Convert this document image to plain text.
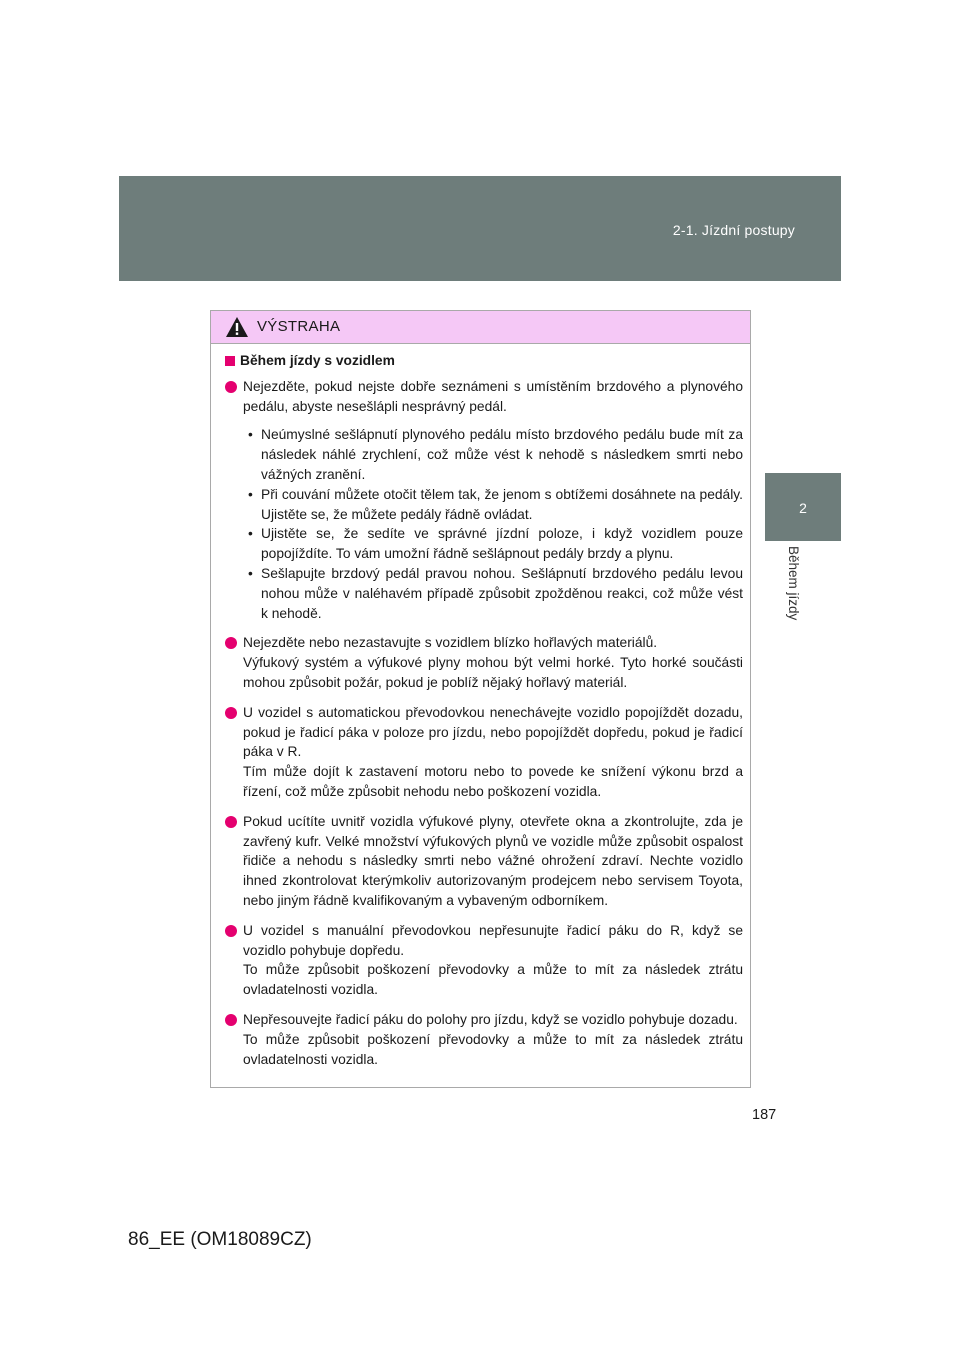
2-1. Jízdní postupy
2
Během jízdy
VÝSTRAHA
Během jízdy s vozidlem

Nejezděte, pokud nejste dobře seznámeni s umístěním brzdového a plynového pedálu, abyste nesešlápli nesprávný pedál.

• Neúmyslné sešlápnutí plynového pedálu místo brzdového pedálu bude mít za následek náhlé zrychlení, což může vést k nehodě s následkem smrti nebo vážných zranění.

• Při couvání můžete otočit tělem tak, že jenom s obtížemi dosáhnete na pedály. Ujistěte se, že můžete pedály řádně ovládat.

• Ujistěte se, že sedíte ve správné jízdní poloze, i když vozidlem pouze popojíždíte. To vám umožní řádně sešlápnout pedály brzdy a plynu.

• Sešlapujte brzdový pedál pravou nohou. Sešlápnutí brzdového pedálu levou nohou může v naléhavém případě způsobit zpožděnou reakci, což může vést k nehodě.

Nejezděte nebo nezastavujte s vozidlem blízko hořlavých materiálů.

Výfukový systém a výfukové plyny mohou být velmi horké. Tyto horké součásti mohou způsobit požár, pokud je poblíž nějaký hořlavý materiál.

U vozidel s automatickou převodovkou nenechávejte vozidlo popojíždět dozadu, pokud je řadicí páka v poloze pro jízdu, nebo popojíždět dopředu, pokud je řadicí páka v R.

Tím může dojít k zastavení motoru nebo to povede ke snížení výkonu brzd a řízení, což může způsobit nehodu nebo poškození vozidla.

Pokud ucítíte uvnitř vozidla výfukové plyny, otevřete okna a zkontrolujte, zda je zavřený kufr. Velké množství výfukových plynů ve vozidle může způsobit ospalost řidiče a nehodu s následky smrti nebo vážné ohrožení zdraví. Nechte vozidlo ihned zkontrolovat kterýmkoliv autorizovaným prodejcem nebo servisem Toyota, nebo jiným řádně kvalifikovaným a vybaveným odborníkem.

U vozidel s manuální převodovkou nepřesunujte řadicí páku do R, když se vozidlo pohybuje dopředu.

To může způsobit poškození převodovky a může to mít za následek ztrátu ovladatelnosti vozidla.

Nepřesouvejte řadicí páku do polohy pro jízdu, když se vozidlo pohybuje dozadu.

To může způsobit poškození převodovky a může to mít za následek ztrátu ovladatelnosti vozidla.

187
86_EE (OM18089CZ)
